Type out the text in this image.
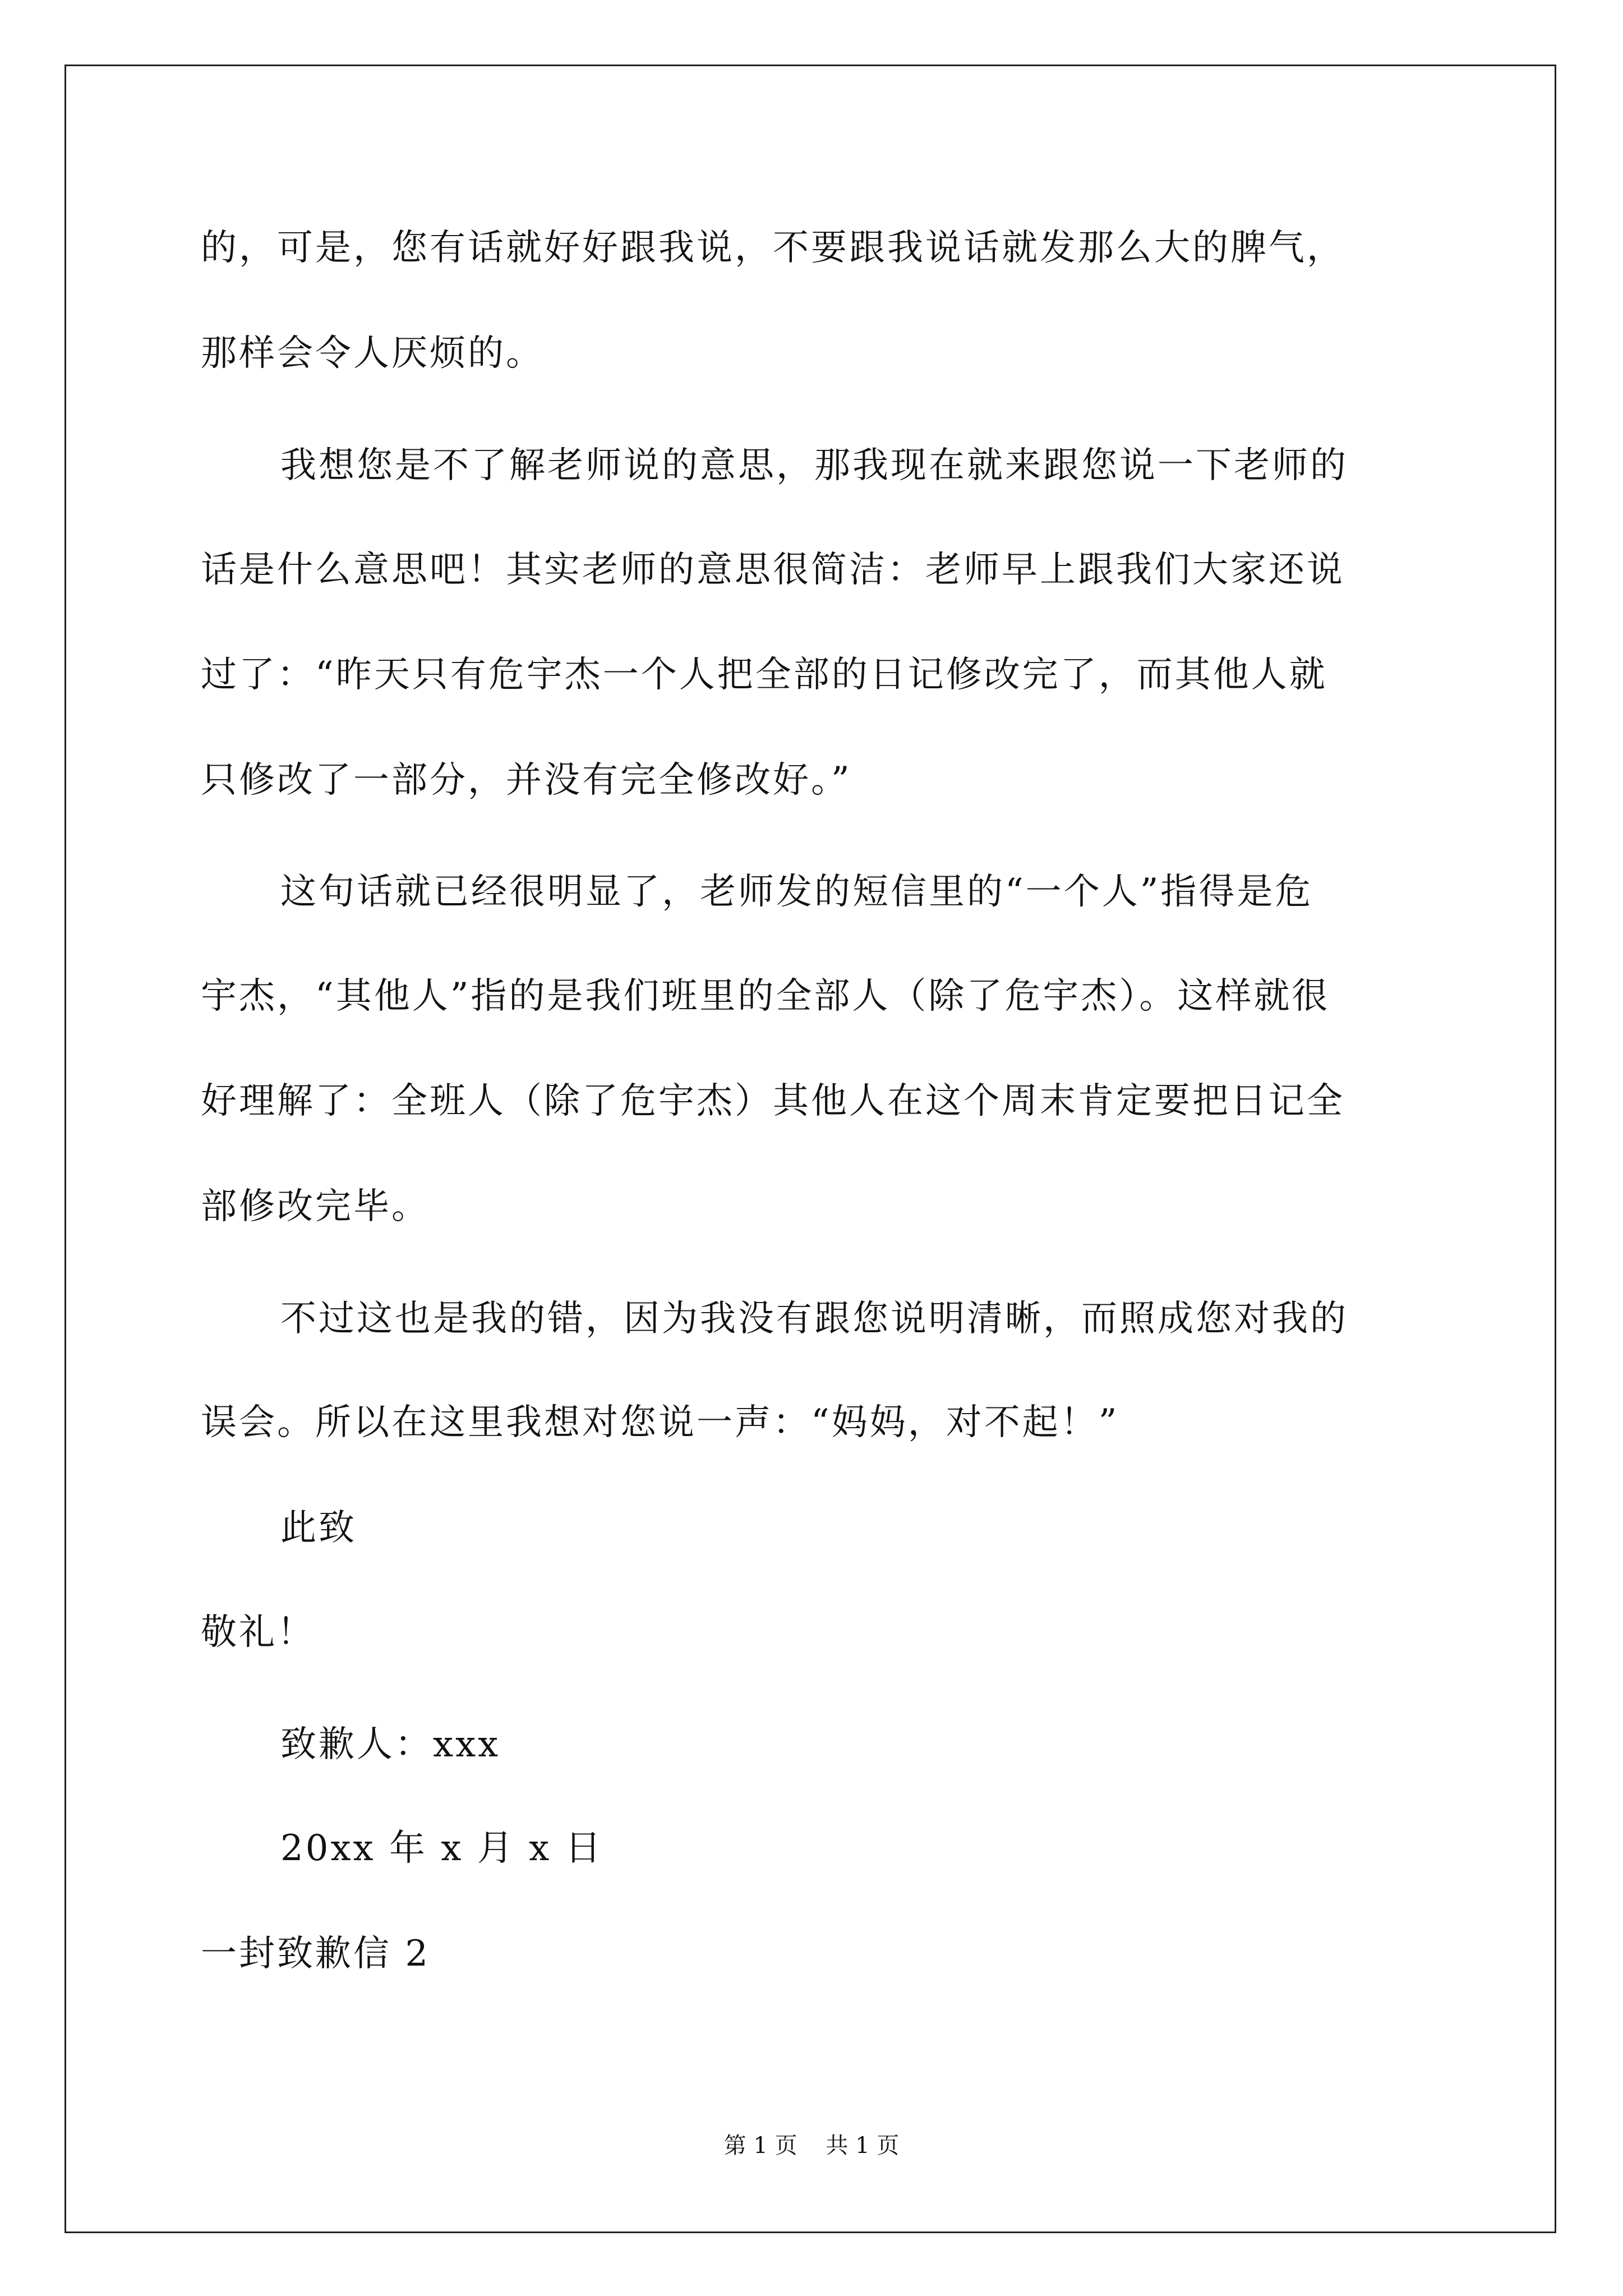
的，可是，您有话就好好跟我说，不要跟我说话就发那么大的脾气，
那样会令人厌烦的。
我想您是不了解老师说的意思，那我现在就来跟您说一下老师的
话是什么意思吧！其实老师的意思很简洁：老师早上跟我们大家还说
过了：“昨天只有危宇杰一个人把全部的日记修改完了，而其他人就
只修改了一部分，并没有完全修改好。”
这句话就已经很明显了，老师发的短信里的“一个人”指得是危
宇杰，“其他人”指的是我们班里的全部人（除了危宇杰）。这样就很
好理解了：全班人（除了危宇杰）其他人在这个周末肯定要把日记全
部修改完毕。
不过这也是我的错，因为我没有跟您说明清晰，而照成您对我的
误会。所以在这里我想对您说一声：“妈妈，对不起！”
此致
敬礼！
致歉人：xxx
20xx 年 x 月 x 日
一封致歉信 2
第 1 页    共 1 页
